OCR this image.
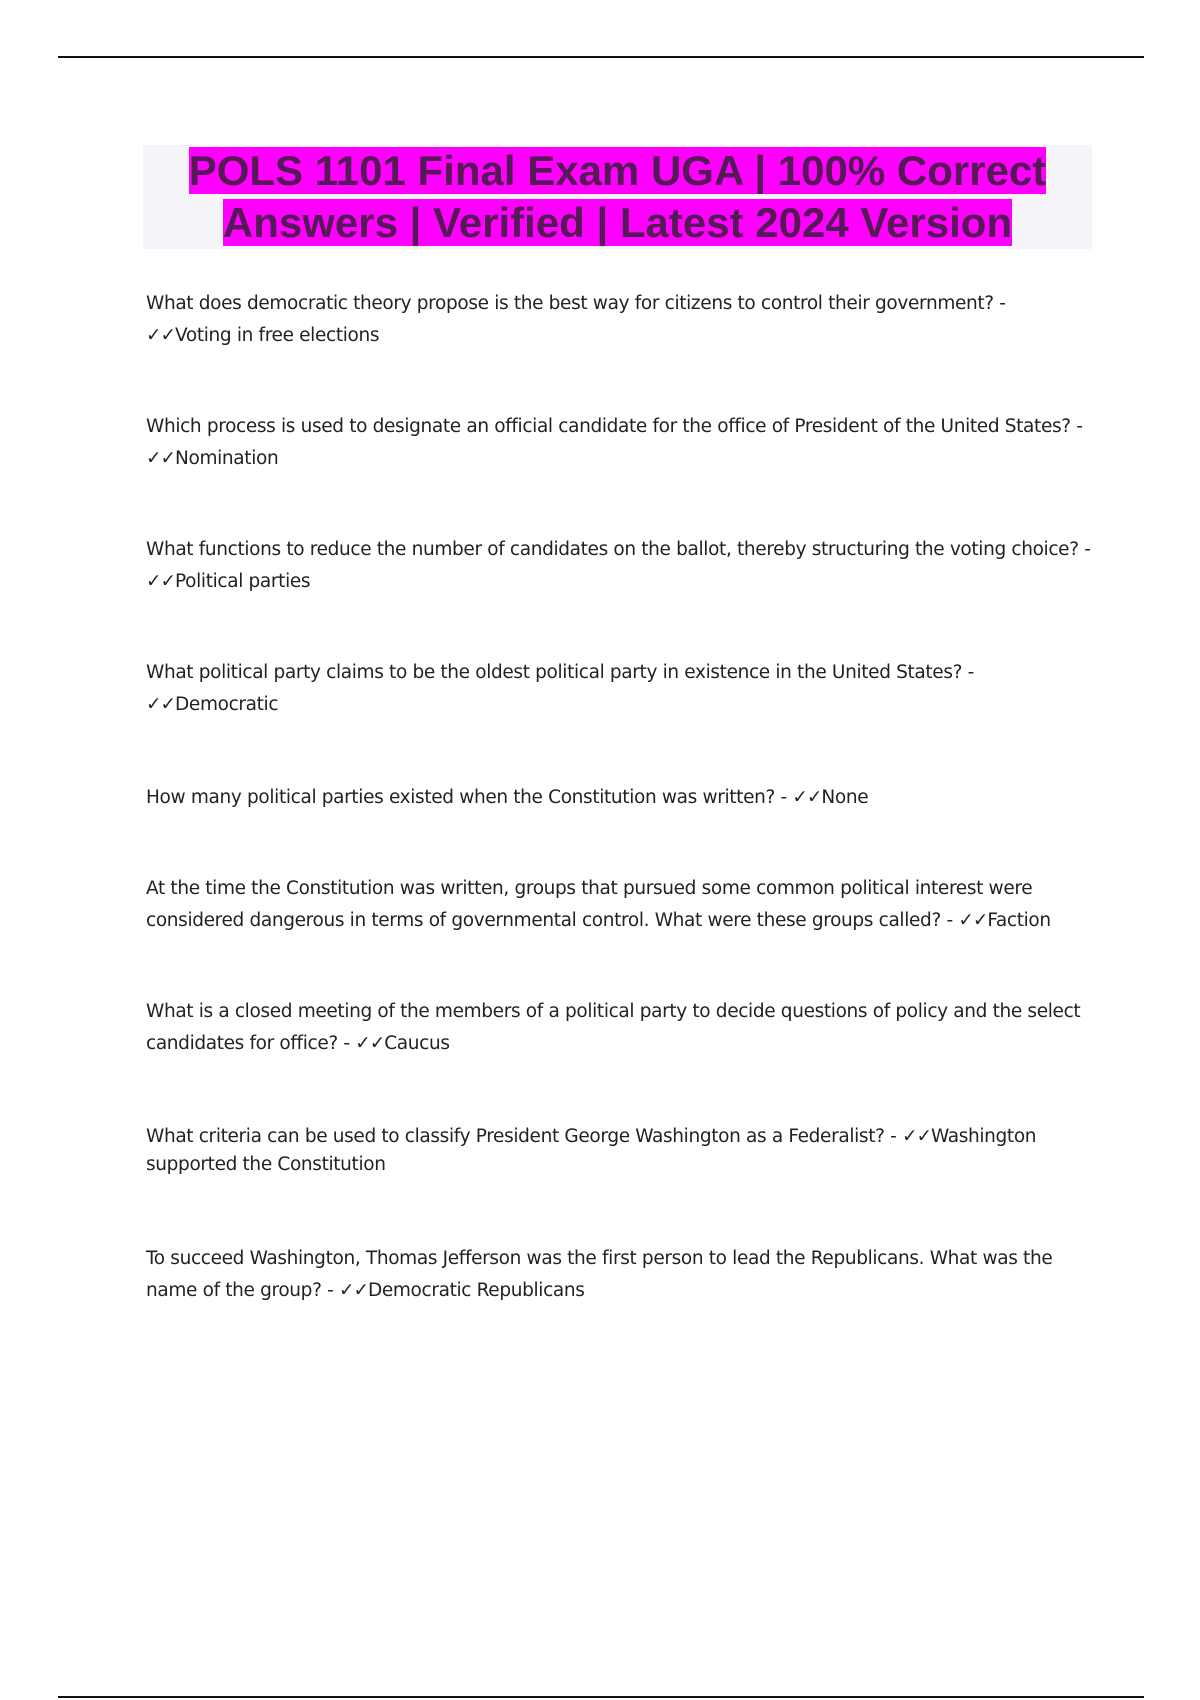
POLS 1101 Final Exam UGA | 100% Correct Answers | Verified | Latest 2024 Version

What does democratic theory propose is the best way for citizens to control their government? - ✓✓Voting in free elections

Which process is used to designate an official candidate for the office of President of the United States? - ✓✓Nomination

What functions to reduce the number of candidates on the ballot, thereby structuring the voting choice? - ✓✓Political parties

What political party claims to be the oldest political party in existence in the United States? - ✓✓Democratic

How many political parties existed when the Constitution was written? - ✓✓None

At the time the Constitution was written, groups that pursued some common political interest were considered dangerous in terms of governmental control. What were these groups called? - ✓✓Faction

What is a closed meeting of the members of a political party to decide questions of policy and the select candidates for office? - ✓✓Caucus

What criteria can be used to classify President George Washington as a Federalist? - ✓✓Washington supported the Constitution

To succeed Washington, Thomas Jefferson was the first person to lead the Republicans. What was the name of the group? - ✓✓Democratic Republicans
